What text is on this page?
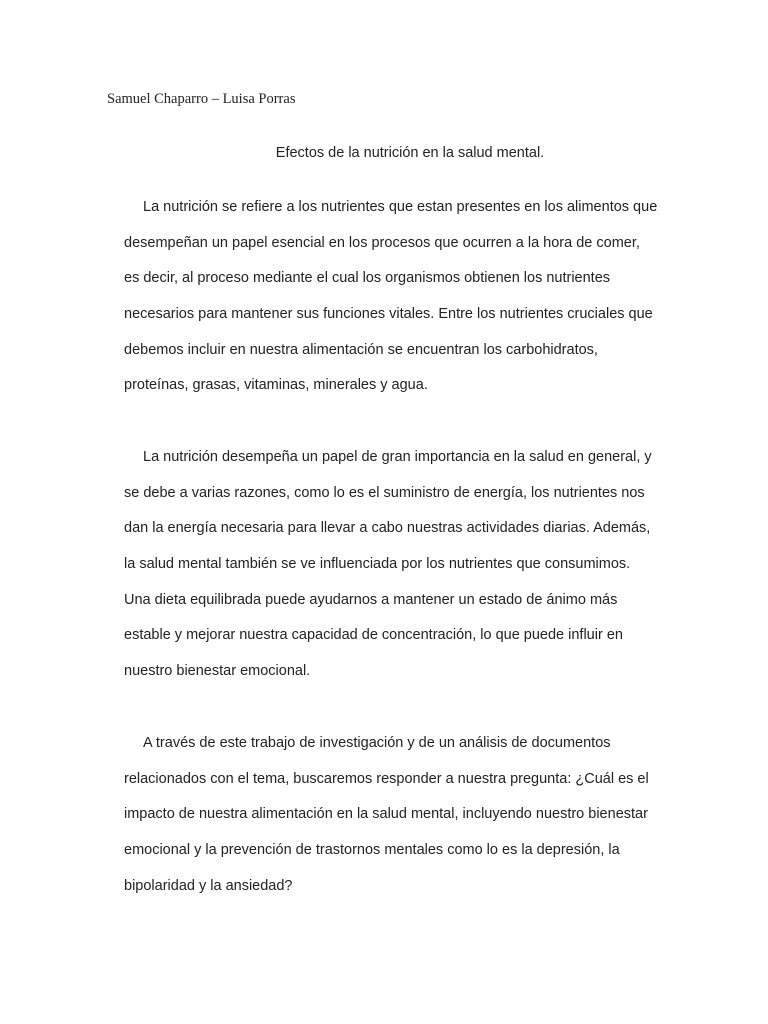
Samuel Chaparro – Luisa Porras
Efectos de la nutrición en la salud mental.
La nutrición se refiere a los nutrientes que estan presentes en los alimentos que
desempeñan un papel esencial en los procesos que ocurren a la hora de comer,
es decir, al proceso mediante el cual los organismos obtienen los nutrientes
necesarios para mantener sus funciones vitales. Entre los nutrientes cruciales que
debemos incluir en nuestra alimentación se encuentran los carbohidratos,
proteínas, grasas, vitaminas, minerales y agua.
La nutrición desempeña un papel de gran importancia en la salud en general, y
se debe a varias razones, como lo es el suministro de energía, los nutrientes nos
dan la energía necesaria para llevar a cabo nuestras actividades diarias. Además,
la salud mental también se ve influenciada por los nutrientes que consumimos.
Una dieta equilibrada puede ayudarnos a mantener un estado de ánimo más
estable y mejorar nuestra capacidad de concentración, lo que puede influir en
nuestro bienestar emocional.
A través de este trabajo de investigación y de un análisis de documentos
relacionados con el tema, buscaremos responder a nuestra pregunta: ¿Cuál es el
impacto de nuestra alimentación en la salud mental, incluyendo nuestro bienestar
emocional y la prevención de trastornos mentales como lo es la depresión, la
bipolaridad y la ansiedad?
